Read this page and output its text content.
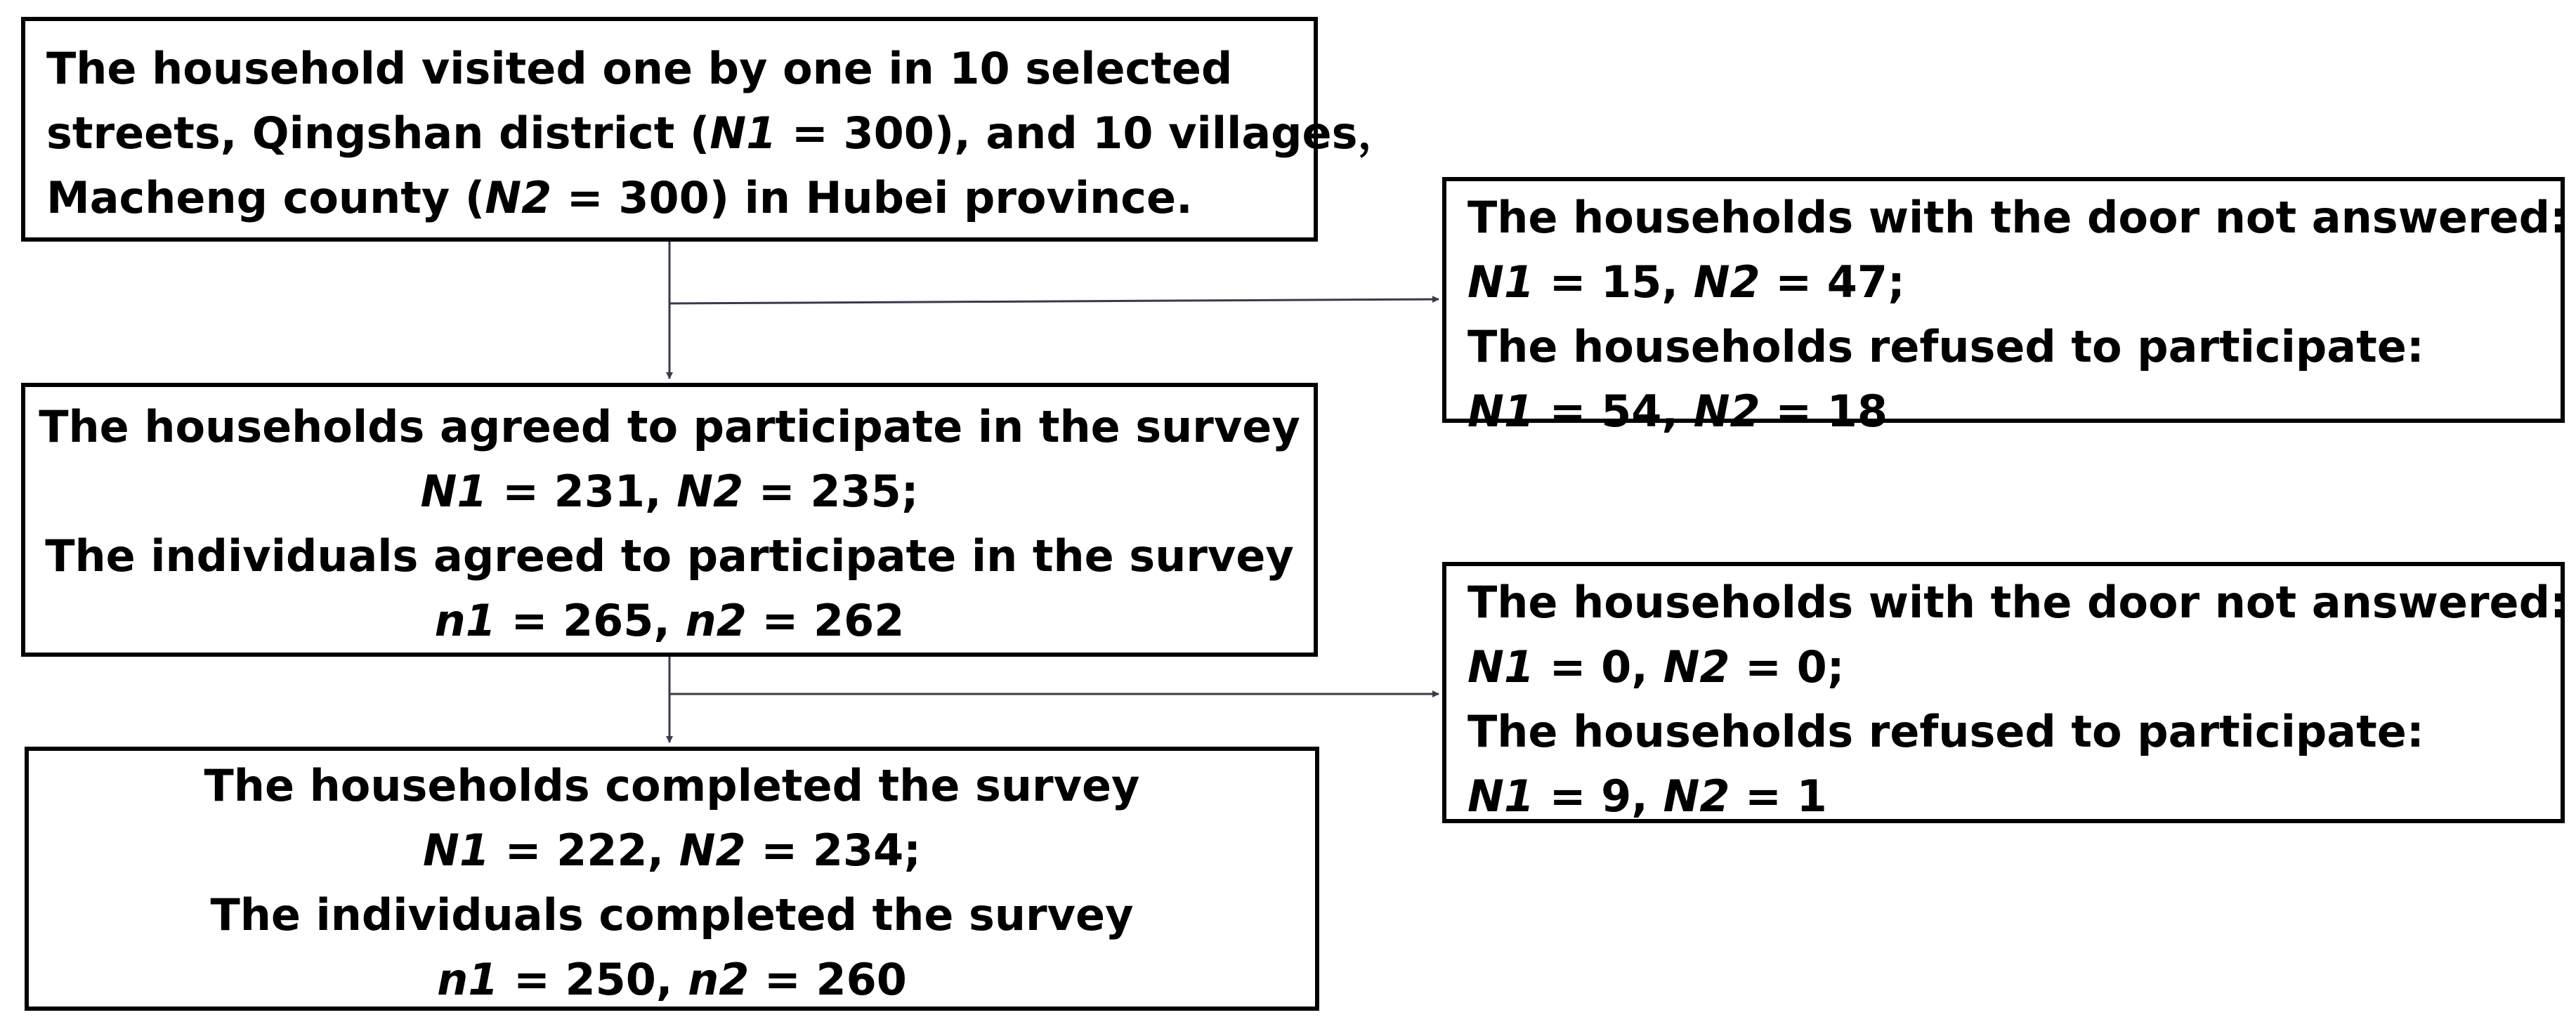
The household visited one by one in 10 selected
streets, Qingshan district (N1 = 300), and 10 villages，
Macheng county (N2 = 300) in Hubei province.
The households agreed to participate in the survey
N1 = 231, N2 = 235;
The individuals agreed to participate in the survey
n1 = 265, n2 = 262
The households completed the survey
N1 = 222, N2 = 234;
The individuals completed the survey
n1 = 250, n2 = 260
The households with the door not answered:
N1 = 15, N2 = 47;
The households refused to participate:
N1 = 54, N2 = 18
The households with the door not answered:
N1 = 0, N2 = 0;
The households refused to participate:
N1 = 9, N2 = 1
